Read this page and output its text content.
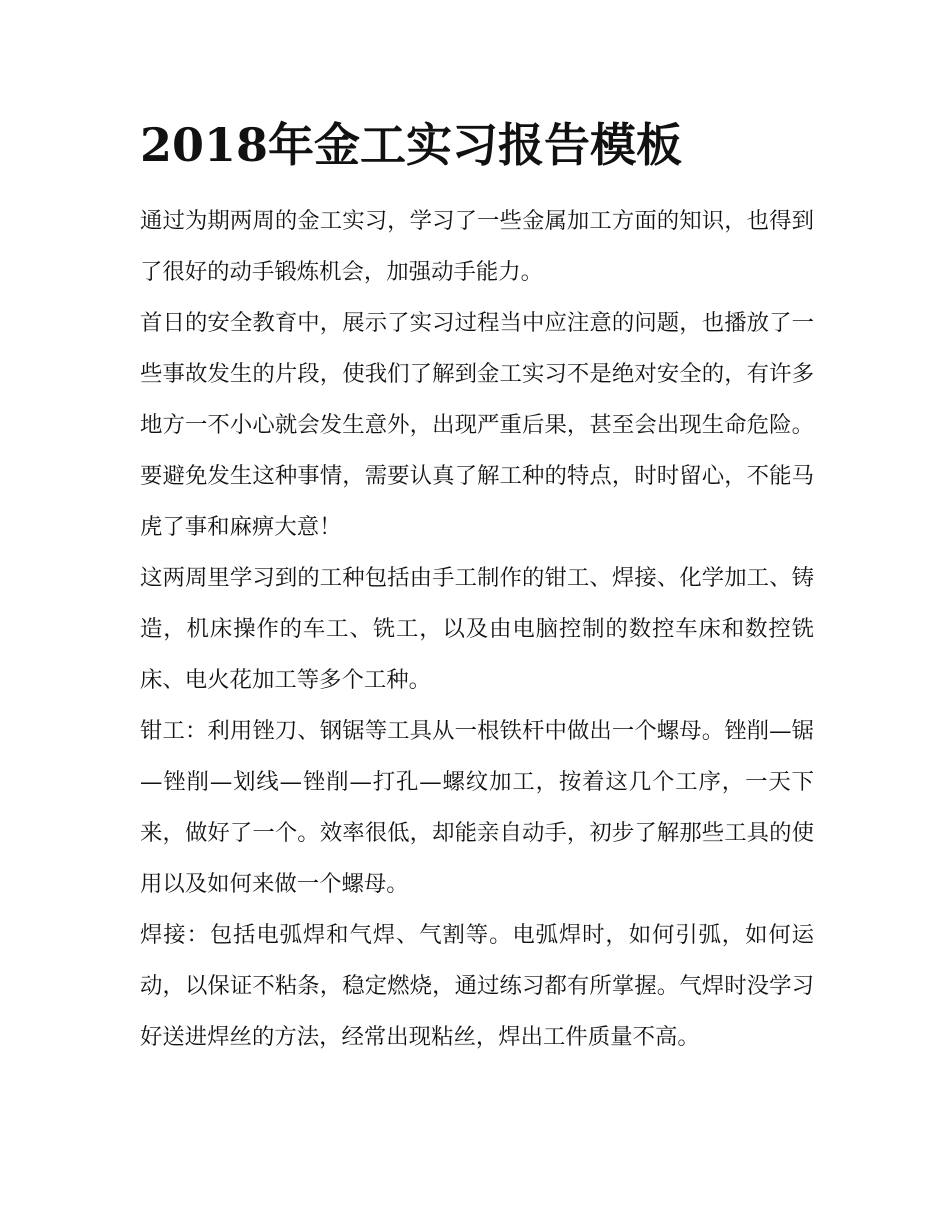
2018年金工实习报告模板

通过为期两周的金工实习，学习了一些金属加工方面的知识，也得到了很好的动手锻炼机会，加强动手能力。

首日的安全教育中，展示了实习过程当中应注意的问题，也播放了一些事故发生的片段，使我们了解到金工实习不是绝对安全的，有许多地方一不小心就会发生意外，出现严重后果，甚至会出现生命危险。要避免发生这种事情，需要认真了解工种的特点，时时留心，不能马虎了事和麻痹大意！

这两周里学习到的工种包括由手工制作的钳工、焊接、化学加工、铸造，机床操作的车工、铣工，以及由电脑控制的数控车床和数控铣床、电火花加工等多个工种。

钳工：利用锉刀、钢锯等工具从一根铁杆中做出一个螺母。锉削—锯—锉削—划线—锉削—打孔—螺纹加工，按着这几个工序，一天下来，做好了一个。效率很低，却能亲自动手，初步了解那些工具的使用以及如何来做一个螺母。

焊接：包括电弧焊和气焊、气割等。电弧焊时，如何引弧，如何运动，以保证不粘条，稳定燃烧，通过练习都有所掌握。气焊时没学习好送进焊丝的方法，经常出现粘丝，焊出工件质量不高。
